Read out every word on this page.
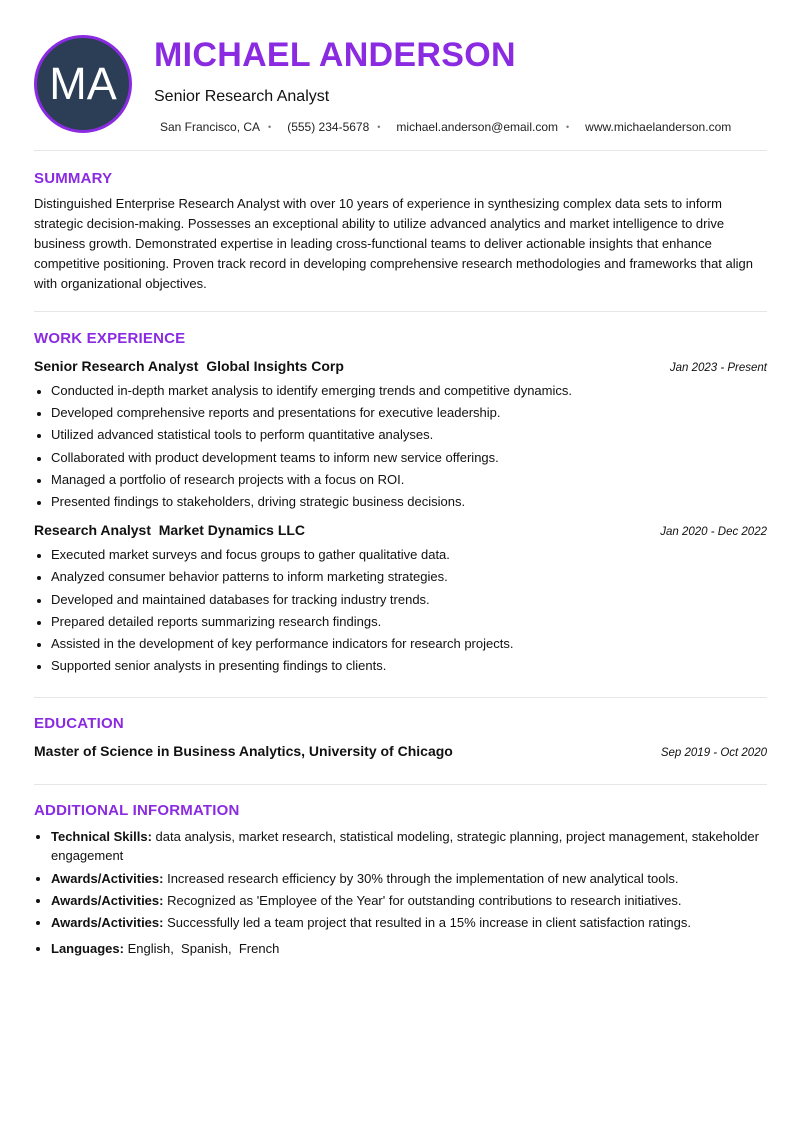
MA
MICHAEL ANDERSON
Senior Research Analyst
San Francisco, CA • (555) 234-5678 • michael.anderson@email.com • www.michaelanderson.com
SUMMARY
Distinguished Enterprise Research Analyst with over 10 years of experience in synthesizing complex data sets to inform strategic decision-making. Possesses an exceptional ability to utilize advanced analytics and market intelligence to drive business growth. Demonstrated expertise in leading cross-functional teams to deliver actionable insights that enhance competitive positioning. Proven track record in developing comprehensive research methodologies and frameworks that align with organizational objectives.
WORK EXPERIENCE
Senior Research Analyst  Global Insights Corp	Jan 2023 - Present
• Conducted in-depth market analysis to identify emerging trends and competitive dynamics.
• Developed comprehensive reports and presentations for executive leadership.
• Utilized advanced statistical tools to perform quantitative analyses.
• Collaborated with product development teams to inform new service offerings.
• Managed a portfolio of research projects with a focus on ROI.
• Presented findings to stakeholders, driving strategic business decisions.
Research Analyst  Market Dynamics LLC	Jan 2020 - Dec 2022
• Executed market surveys and focus groups to gather qualitative data.
• Analyzed consumer behavior patterns to inform marketing strategies.
• Developed and maintained databases for tracking industry trends.
• Prepared detailed reports summarizing research findings.
• Assisted in the development of key performance indicators for research projects.
• Supported senior analysts in presenting findings to clients.
EDUCATION
Master of Science in Business Analytics, University of Chicago	Sep 2019 - Oct 2020
ADDITIONAL INFORMATION
• Technical Skills: data analysis, market research, statistical modeling, strategic planning, project management, stakeholder engagement
• Awards/Activities: Increased research efficiency by 30% through the implementation of new analytical tools.
• Awards/Activities: Recognized as 'Employee of the Year' for outstanding contributions to research initiatives.
• Awards/Activities: Successfully led a team project that resulted in a 15% increase in client satisfaction ratings.
• Languages: English,  Spanish,  French
